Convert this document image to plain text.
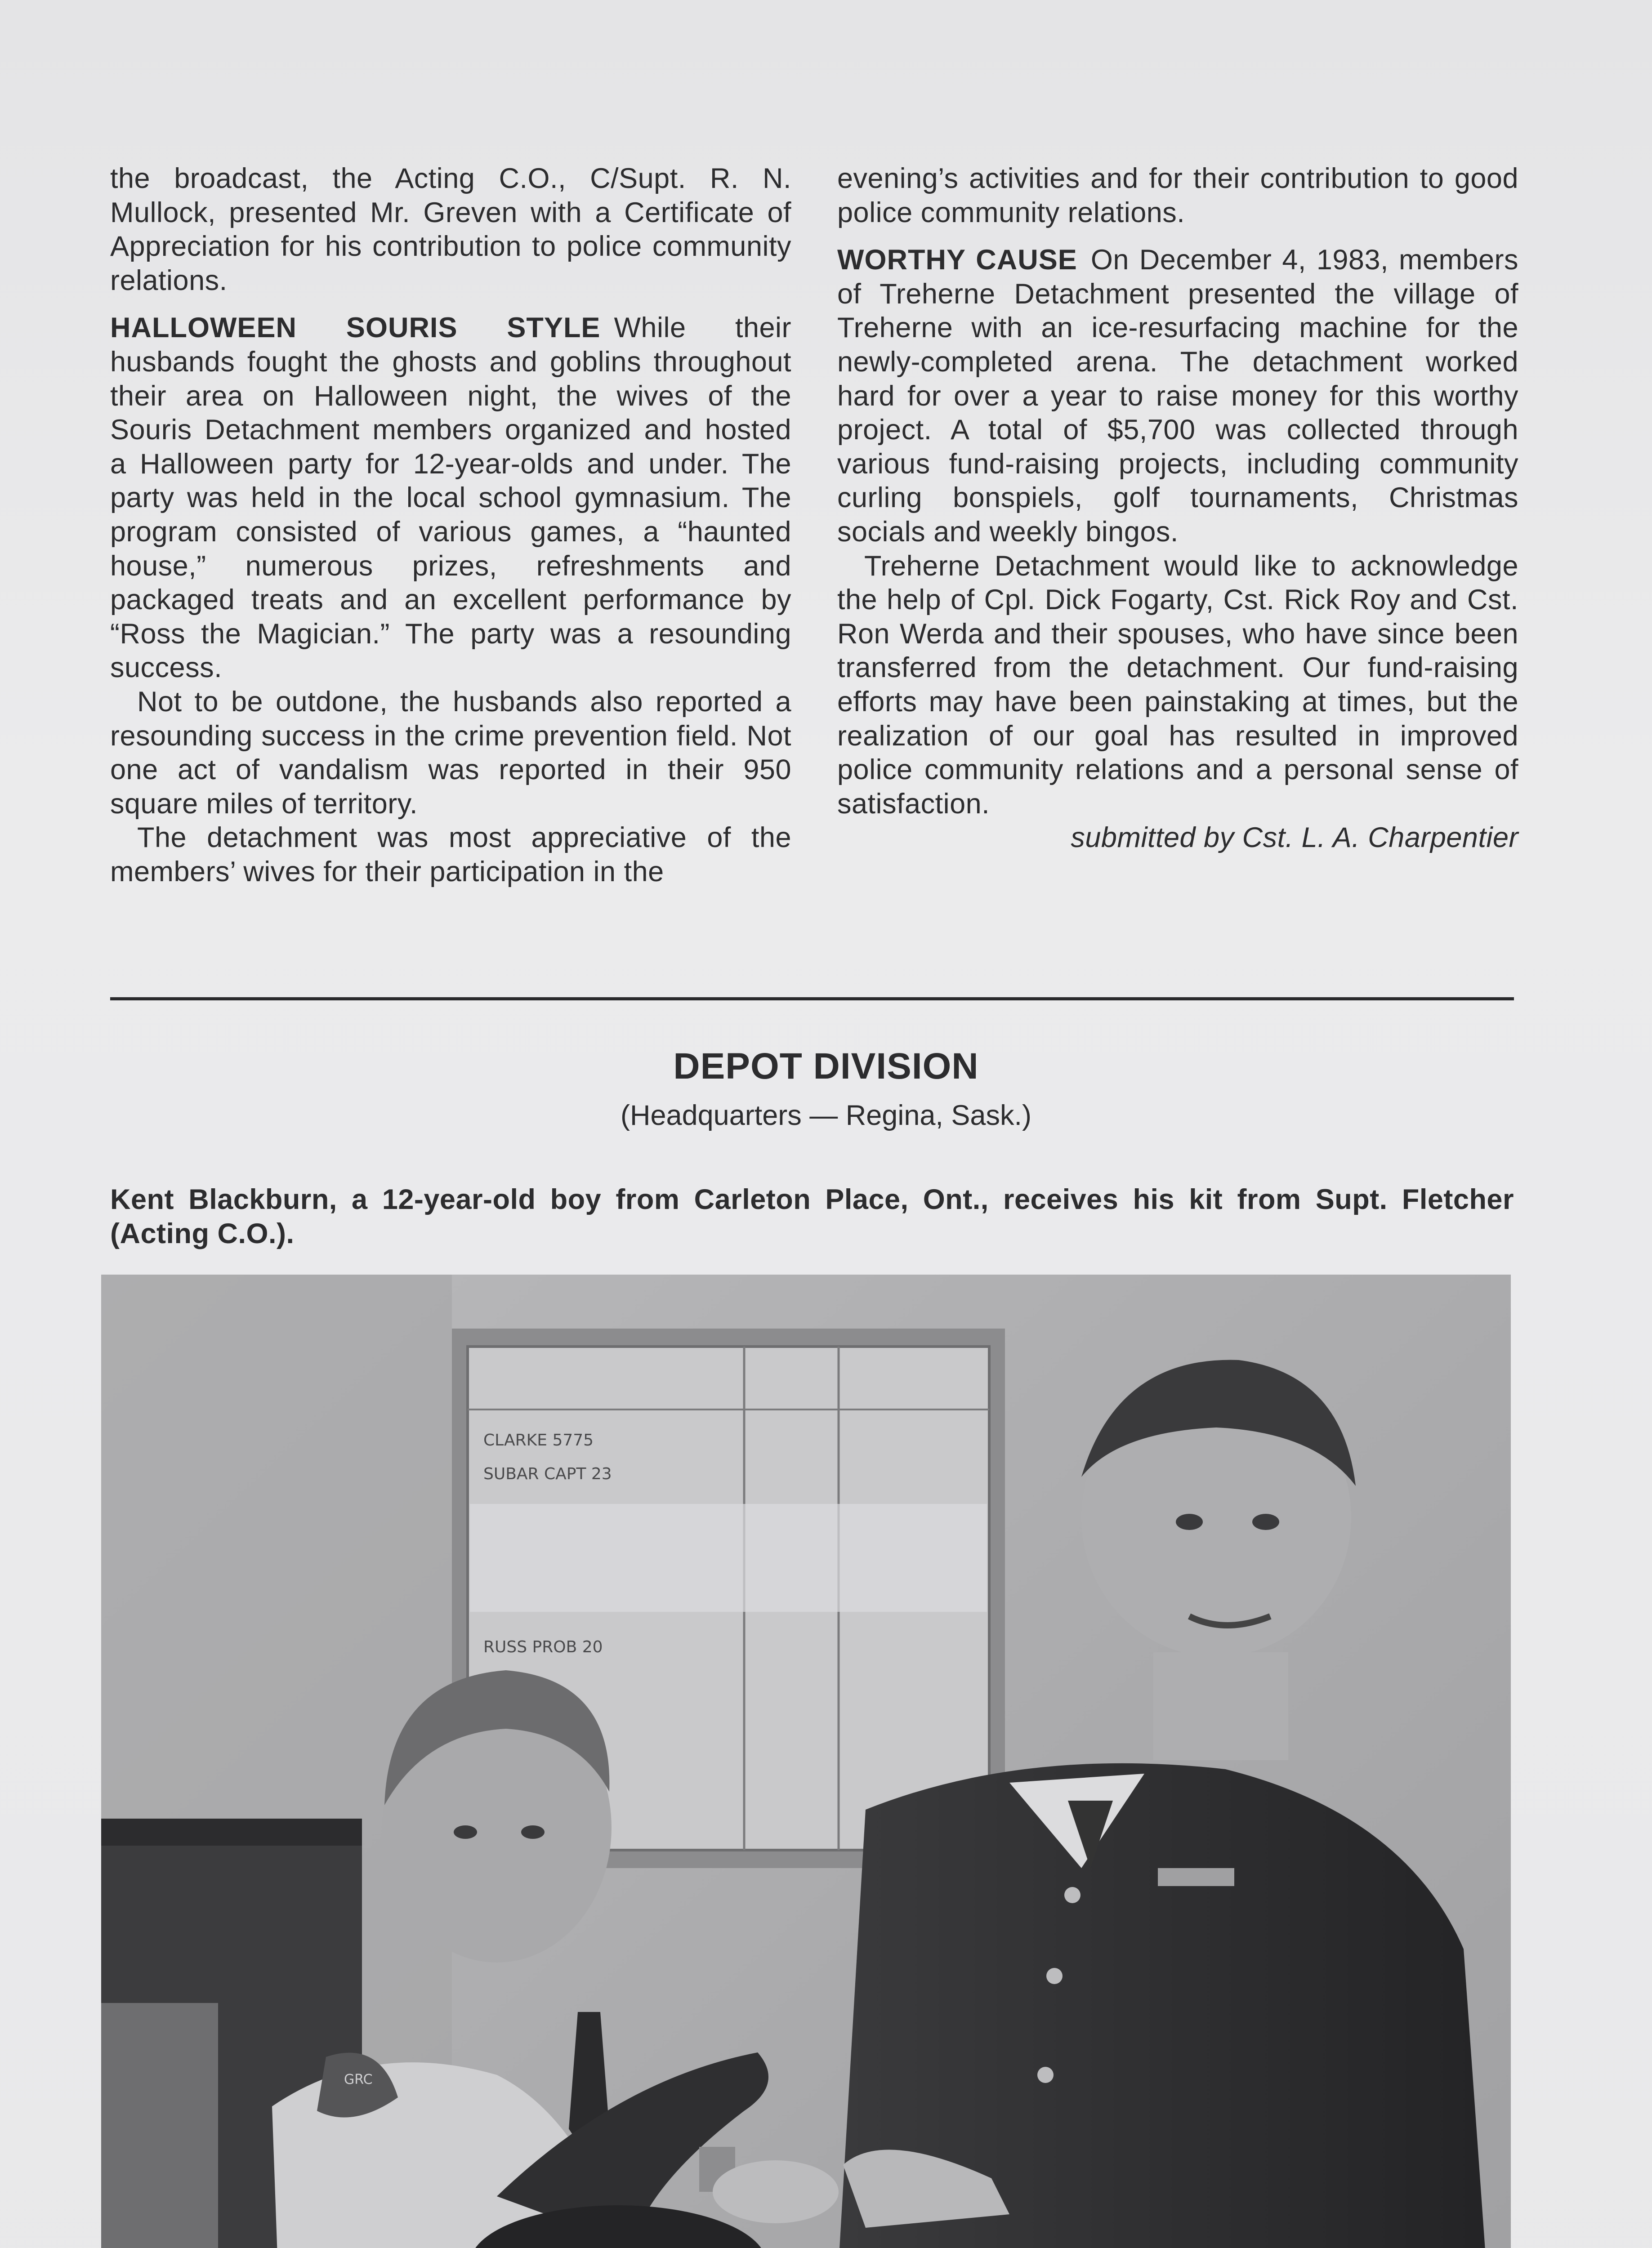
the broadcast, the Acting C.O., C/Supt. R. N. Mullock, presented Mr. Greven with a Certificate of Appreciation for his contribution to police community relations.

HALLOWEEN SOURIS STYLE While their husbands fought the ghosts and goblins throughout their area on Halloween night, the wives of the Souris Detachment members organized and hosted a Halloween party for 12-year-olds and under. The party was held in the local school gymnasium. The program consisted of various games, a “haunted house,” numerous prizes, refreshments and packaged treats and an excellent performance by “Ross the Magician.” The party was a resounding success.

Not to be outdone, the husbands also reported a resounding success in the crime prevention field. Not one act of vandalism was reported in their 950 square miles of territory.

The detachment was most appreciative of the members’ wives for their participation in the

evening’s activities and for their contribution to good police community relations.

WORTHY CAUSE On December 4, 1983, members of Treherne Detachment presented the village of Treherne with an ice-resurfacing machine for the newly-completed arena. The detachment worked hard for over a year to raise money for this worthy project. A total of $5,700 was collected through various fund-raising projects, including community curling bonspiels, golf tournaments, Christmas socials and weekly bingos.

Treherne Detachment would like to acknowledge the help of Cpl. Dick Fogarty, Cst. Rick Roy and Cst. Ron Werda and their spouses, who have since been transferred from the detachment. Our fund-raising efforts may have been painstaking at times, but the realization of our goal has resulted in improved police community relations and a personal sense of satisfaction.

submitted by Cst. L. A. Charpentier

DEPOT DIVISION
(Headquarters — Regina, Sask.)
Kent Blackburn, a 12-year-old boy from Carleton Place, Ont., receives his kit from Supt. Fletcher (Acting C.O.).
CLARKE 5775
SUBAR CAPT 23
RUSS PROB 20
GRC
